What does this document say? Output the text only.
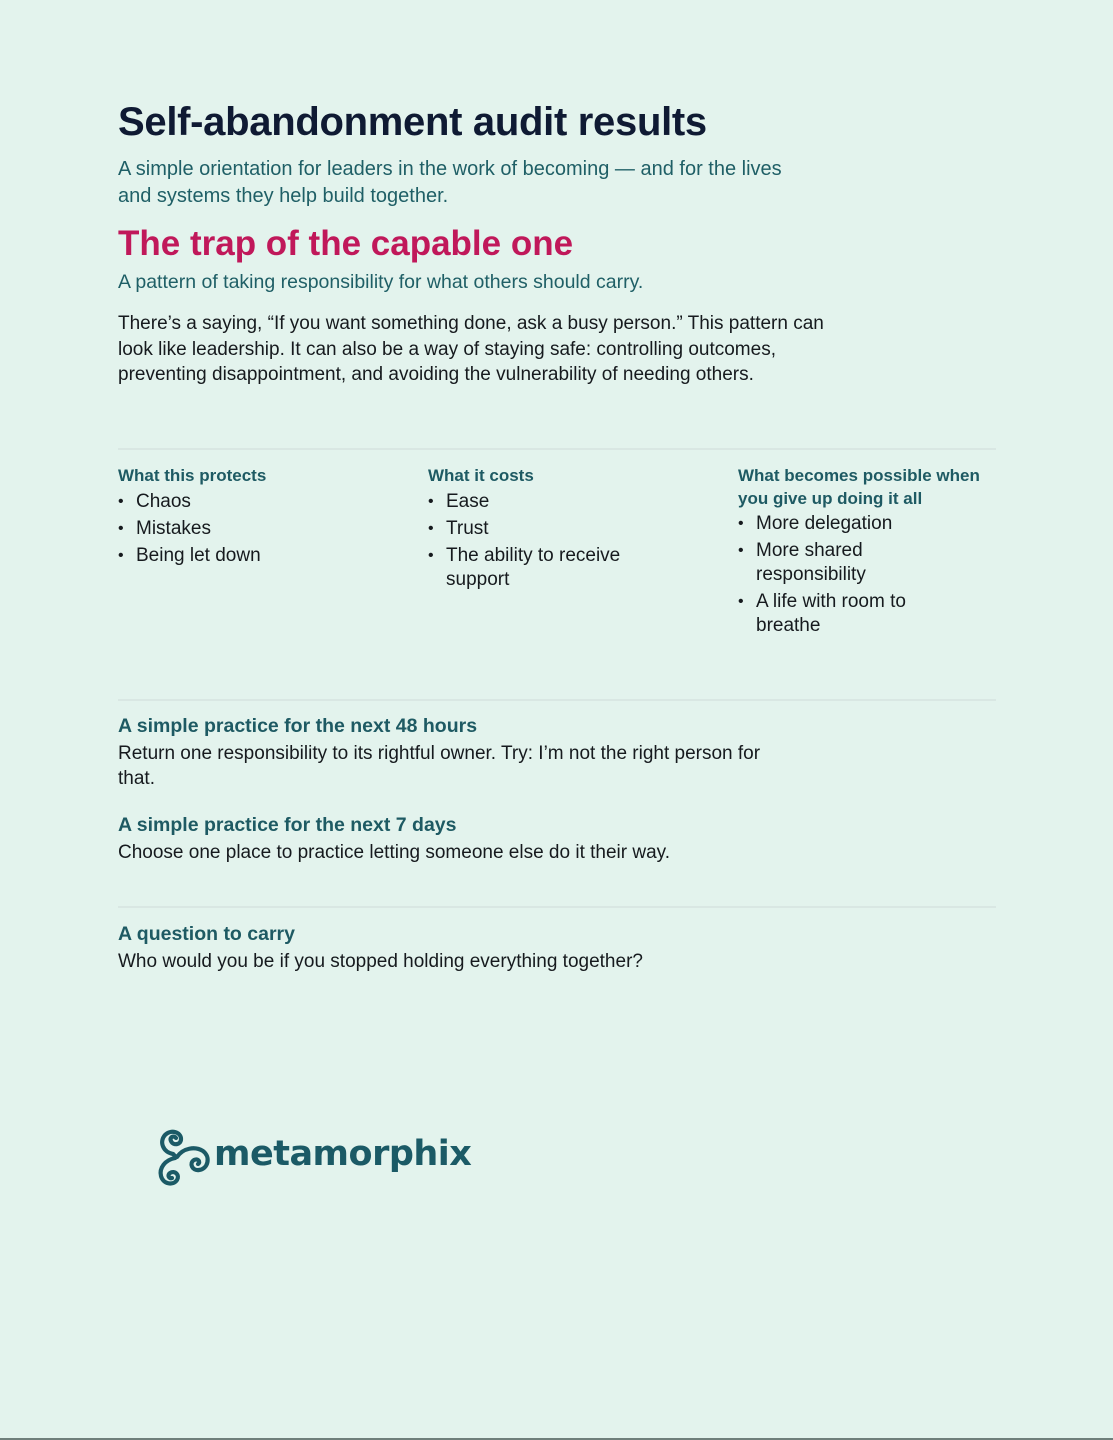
Self-abandonment audit results

A simple orientation for leaders in the work of becoming — and for the lives and systems they help build together.

The trap of the capable one

A pattern of taking responsibility for what others should carry.

There’s a saying, “If you want something done, ask a busy person.” This pattern can look like leadership. It can also be a way of staying safe: controlling outcomes, preventing disappointment, and avoiding the vulnerability of needing others.

What this protects
• Chaos
• Mistakes
• Being let down
What it costs
• Ease
• Trust
• The ability to receive support
What becomes possible when you give up doing it all
• More delegation
• More shared responsibility
• A life with room to breathe
A simple practice for the next 48 hours

Return one responsibility to its rightful owner. Try: I’m not the right person for that.

A simple practice for the next 7 days

Choose one place to practice letting someone else do it their way.

A question to carry

Who would you be if you stopped holding everything together?

metamorphix
